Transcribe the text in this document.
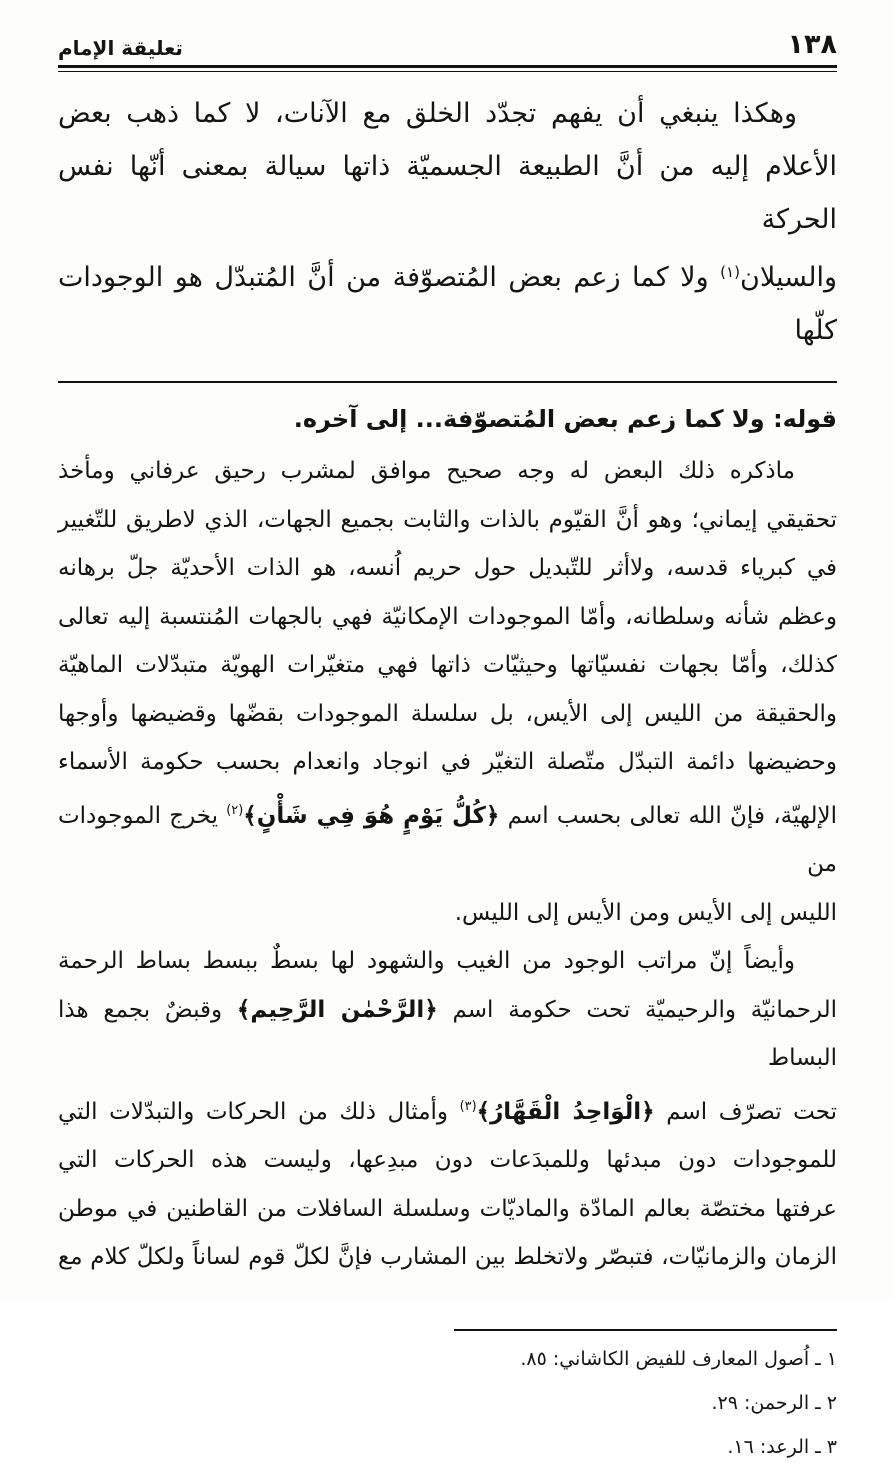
تعليقة الإمام	١٣٨
وهكذا ينبغي أن يفهم تجدّد الخلق مع الآنات، لا كما ذهب بعض
الأعلام إليه من أنَّ الطبيعة الجسميّة ذاتها سيالة بمعنى أنّها نفس الحركة
والسيلان$^{(١)}$ ولا كما زعم بعض المُتصوّفة من أنَّ المُتبدّل هو الوجودات كلّها
قوله: ولا كما زعم بعض المُتصوّفة... إلى آخره.
ماذكره ذلك البعض له وجه صحيح موافق لمشرب رحيق عرفاني ومأخذ
تحقيقي إيماني؛ وهو أنَّ القيّوم بالذات والثابت بجميع الجهات، الذي لاطريق للتّغيير
في كبرياء قدسه، ولاأثر للتّبديل حول حريم اُنسه، هو الذات الأحديّة جلّ برهانه
وعظم شأنه وسلطانه، وأمّا الموجودات الإمكانيّة فهي بالجهات المُنتسبة إليه تعالى
كذلك، وأمّا بجهات نفسيّاتها وحيثيّات ذاتها فهي متغيّرات الهويّة متبدّلات الماهيّة
والحقيقة من الليس إلى الأيس، بل سلسلة الموجودات بقضّها وقضيضها وأوجها
وحضيضها دائمة التبدّل متّصلة التغيّر في انوجاد وانعدام بحسب حكومة الأسماء
الإلهيّة، فإنّ الله تعالى بحسب اسم ﴿كُلُّ يَوْمٍ هُوَ فِي شَأْنٍ﴾$^{(٢)}$ يخرج الموجودات من
الليس إلى الأيس ومن الأيس إلى الليس.
وأيضاً إنّ مراتب الوجود من الغيب والشهود لها بسطٌ ببسط بساط الرحمة
الرحمانيّة والرحيميّة تحت حكومة اسم ﴿الرَّحْمٰن الرَّحِيم﴾ وقبضٌ بجمع هذا البساط
تحت تصرّف اسم ﴿الْوَاحِدُ الْقَهَّارُ﴾$^{(٣)}$ وأمثال ذلك من الحركات والتبدّلات التي
للموجودات دون مبدئها وللمبدَعات دون مبدِعها، وليست هذه الحركات التي
عرفتها مختصّة بعالم المادّة والماديّات وسلسلة السافلات من القاطنين في موطن
الزمان والزمانيّات، فتبصّر ولاتخلط بين المشارب فإنَّ لكلّ قوم لساناً ولكلّ كلام مع
١ ـ اُصول المعارف للفيض الكاشاني: ٨٥.
٢ ـ الرحمن: ٢٩.
٣ ـ الرعد: ١٦.
